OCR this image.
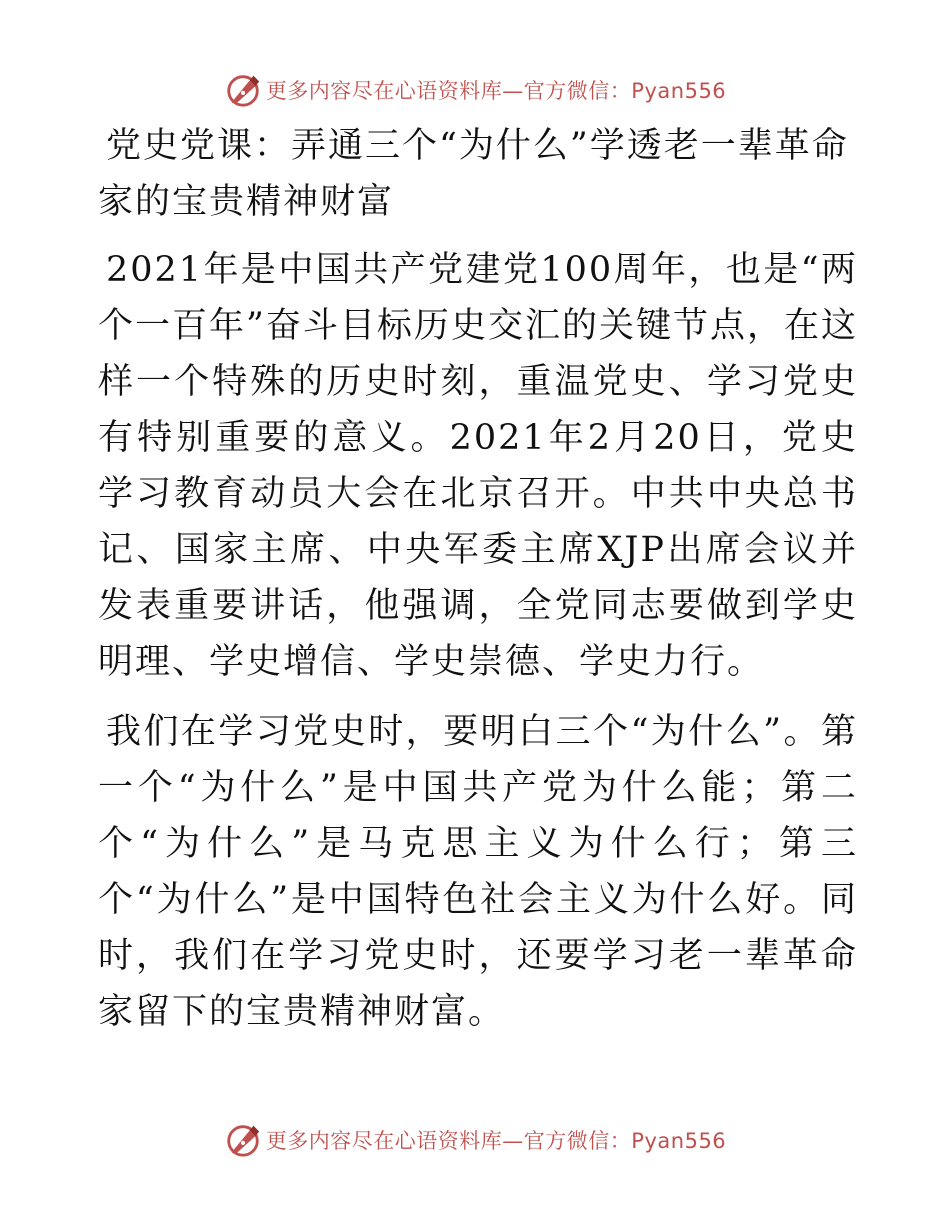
更多内容尽在心语资料库—官方微信：Pyan556
党史党课：弄通三个“为什么”学透老一辈革命家的宝贵精神财富

2021年是中国共产党建党100周年，也是“两个一百年”奋斗目标历史交汇的关键节点，在这样一个特殊的历史时刻，重温党史、学习党史有特别重要的意义。2021年2月20日，党史学习教育动员大会在北京召开。中共中央总书记、国家主席、中央军委主席XJP出席会议并发表重要讲话，他强调，全党同志要做到学史明理、学史增信、学史崇德、学史力行。

我们在学习党史时，要明白三个“为什么”。第一个“为什么”是中国共产党为什么能；第二个“为什么”是马克思主义为什么行；第三个“为什么”是中国特色社会主义为什么好。同时，我们在学习党史时，还要学习老一辈革命家留下的宝贵精神财富。

更多内容尽在心语资料库—官方微信：Pyan556
